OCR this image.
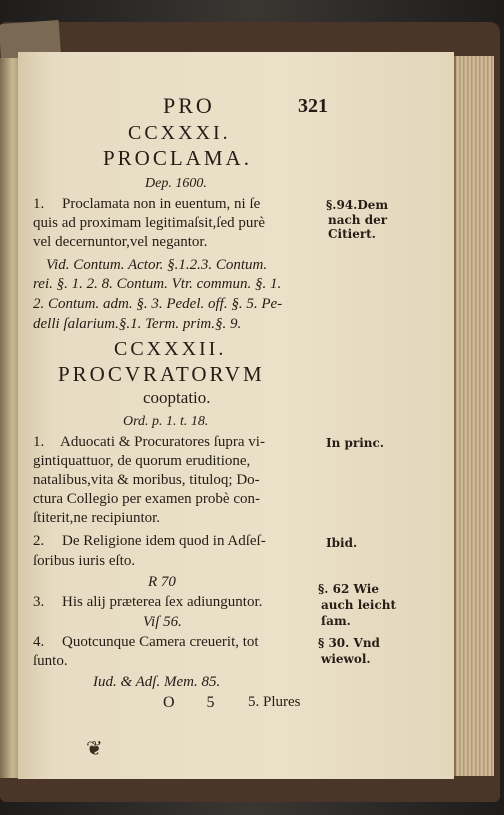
PRO	321
CCXXXI.
PROCLAMA.
Dep. 1600.
1. Proclamata non in euentum, ni ſe
quis ad proximam legitimaſsit,ſed purè
vel decernuntor,vel negantor.
§.94.Dem
nach der
Citiert.
Vid. Contum. Actor. §.1.2.3. Contum.
rei. §. 1. 2. 8. Contum. Vtr. commun. §. 1.
2. Contum. adm. §. 3. Pedel. off. §. 5. Pe-
delli ſalarium.§.1. Term. prim.§. 9.
CCXXXII.
PROCVRATORVM
cooptatio.
Ord. p. 1. t. 18.
1. Aduocati & Procuratores ſupra vi-
gintiquattuor, de quorum eruditione,
natalibus,vita & moribus, tituloq; Do-
ctura Collegio per examen probè con-
ſtiterit,ne recipiuntor.
In princ.
2. De Religione idem quod in Adſeſ-
ſoribus iuris eſto.
Ibid.
R 70
3. His alij præterea ſex adiunguntor.
§. 62 Wie
auch leicht
ſam.
Viſ 56.
4. Quotcunque Camera creuerit, tot
ſunto.
§ 30. Vnd
wiewol.
Iud. & Adſ. Mem. 85.
O 5 5. Plures
❦
